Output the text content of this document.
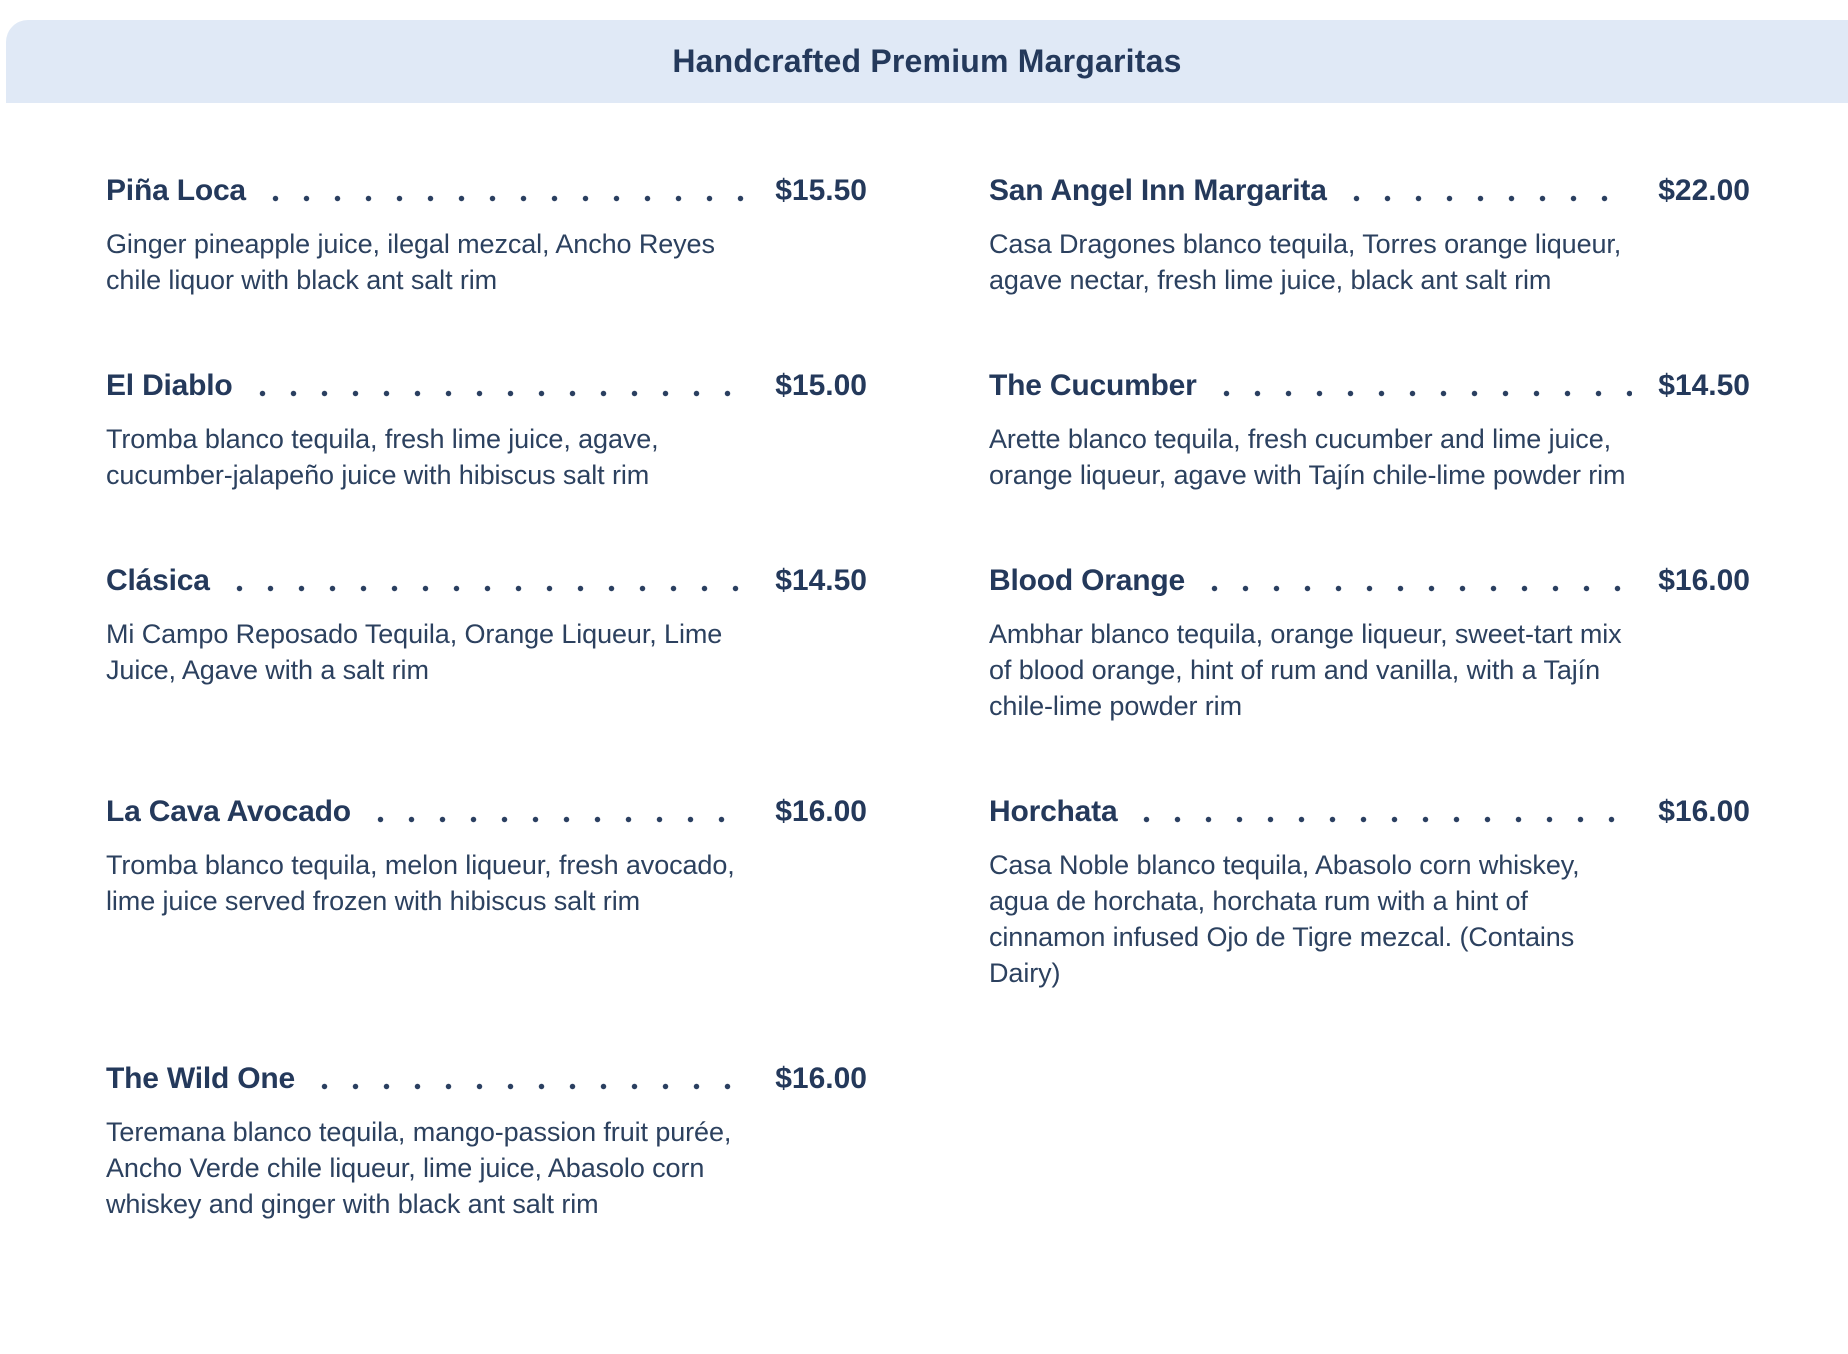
Handcrafted Premium Margaritas
Piña Loca	$15.50

Ginger pineapple juice, ilegal mezcal, Ancho Reyes chile liquor with black ant salt rim

San Angel Inn Margarita	$22.00

Casa Dragones blanco tequila, Torres orange liqueur, agave nectar, fresh lime juice, black ant salt rim

El Diablo	$15.00

Tromba blanco tequila, fresh lime juice, agave, cucumber-jalapeño juice with hibiscus salt rim

The Cucumber	$14.50

Arette blanco tequila, fresh cucumber and lime juice, orange liqueur, agave with Tajín chile-lime powder rim

Clásica	$14.50

Mi Campo Reposado Tequila, Orange Liqueur, Lime Juice, Agave with a salt rim

Blood Orange	$16.00

Ambhar blanco tequila, orange liqueur, sweet-tart mix of blood orange, hint of rum and vanilla, with a Tajín chile-lime powder rim

La Cava Avocado	$16.00

Tromba blanco tequila, melon liqueur, fresh avocado, lime juice served frozen with hibiscus salt rim

Horchata	$16.00

Casa Noble blanco tequila, Abasolo corn whiskey, agua de horchata, horchata rum with a hint of cinnamon infused Ojo de Tigre mezcal. (Contains Dairy)

The Wild One	$16.00

Teremana blanco tequila, mango-passion fruit purée, Ancho Verde chile liqueur, lime juice, Abasolo corn whiskey and ginger with black ant salt rim
